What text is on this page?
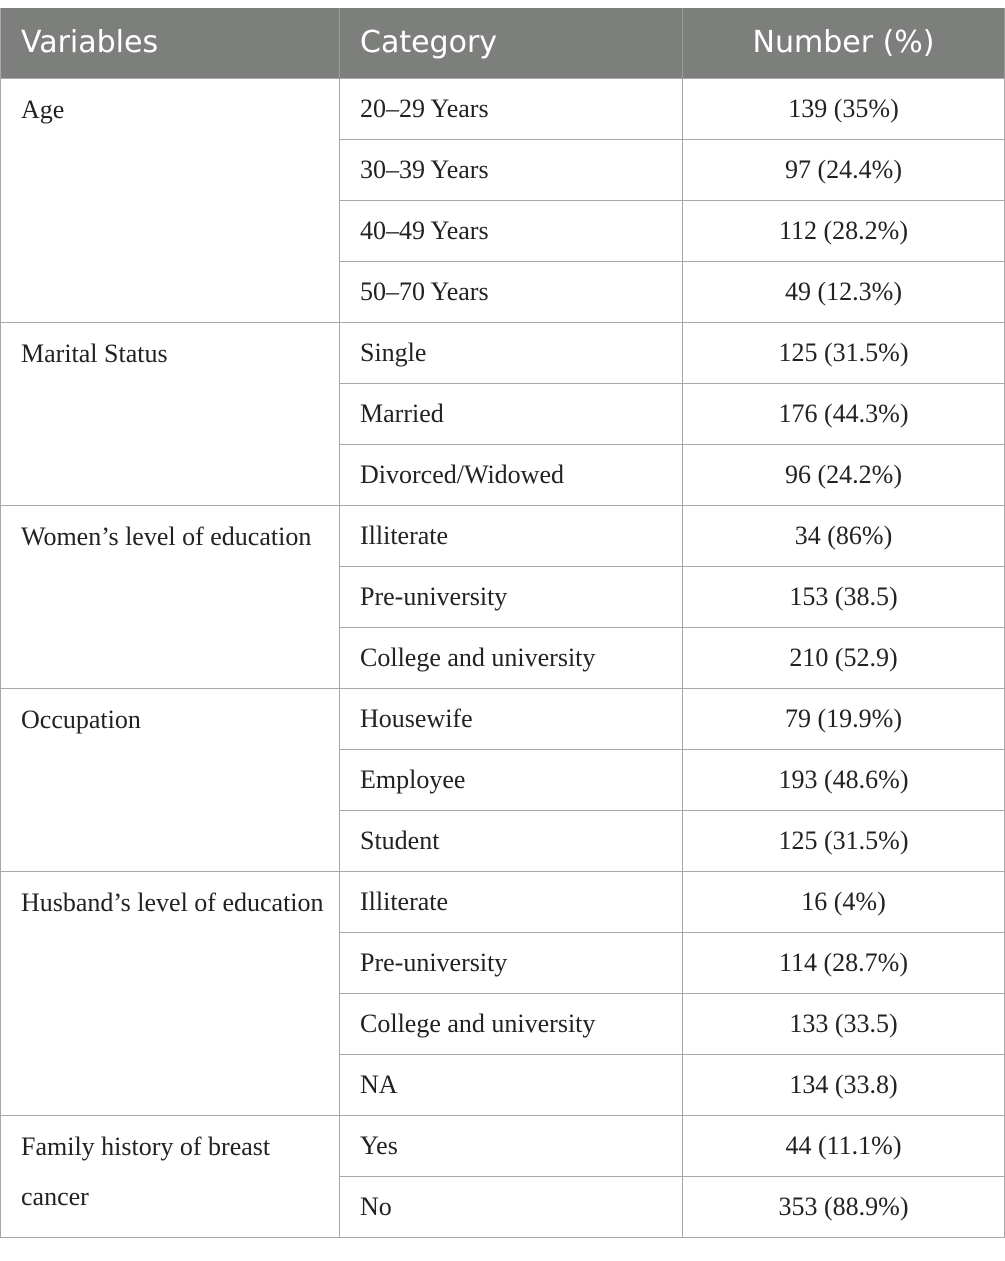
Variables	Category	Number (%)
Age	20–29 Years	139 (35%)
	30–39 Years	97 (24.4%)
	40–49 Years	112 (28.2%)
	50–70 Years	49 (12.3%)
Marital Status	Single	125 (31.5%)
	Married	176 (44.3%)
	Divorced/Widowed	96 (24.2%)
Women’s level of education	Illiterate	34 (86%)
	Pre-university	153 (38.5)
	College and university	210 (52.9)
Occupation	Housewife	79 (19.9%)
	Employee	193 (48.6%)
	Student	125 (31.5%)
Husband’s level of education	Illiterate	16 (4%)
	Pre-university	114 (28.7%)
	College and university	133 (33.5)
	NA	134 (33.8)
Family history of breast cancer	Yes	44 (11.1%)
	No	353 (88.9%)
